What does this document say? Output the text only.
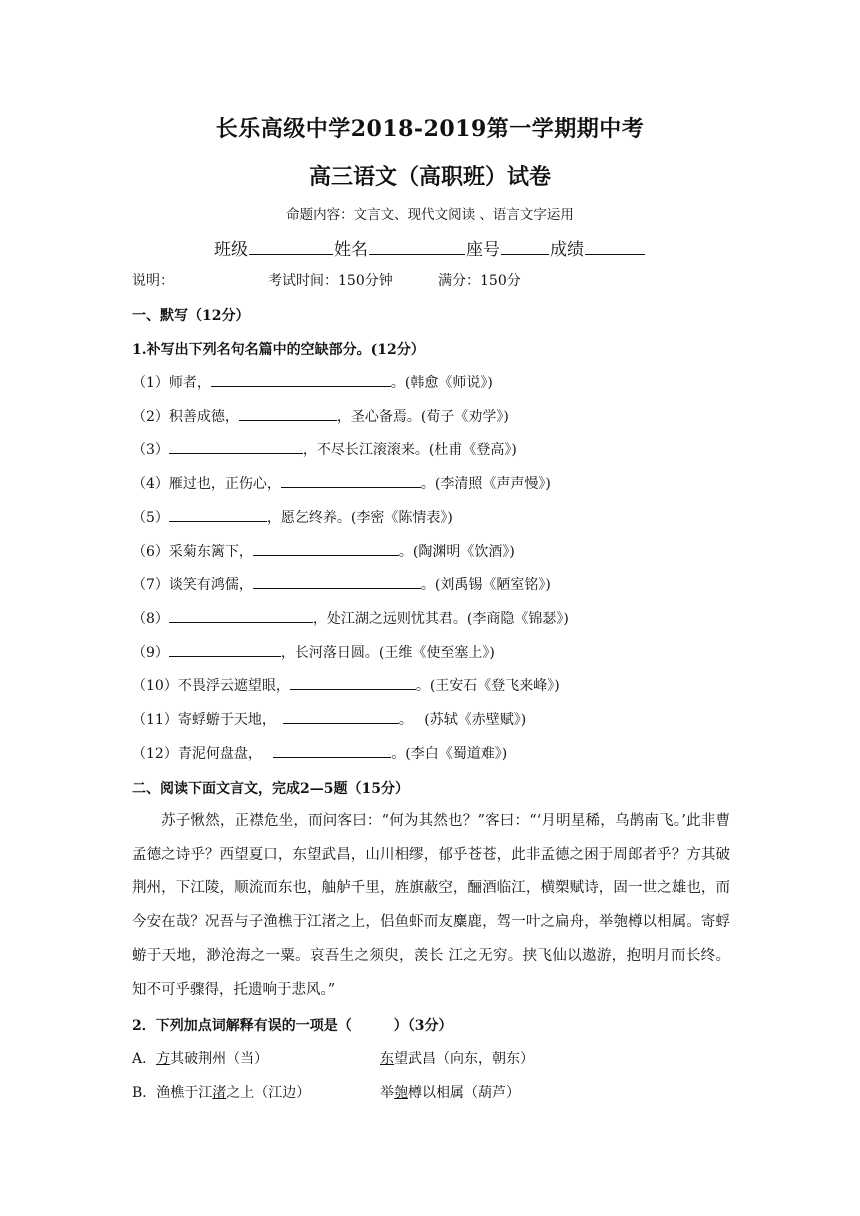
长乐高级中学2018-2019第一学期期中考
高三语文（高职班）试卷
命题内容：文言文、现代文阅读 、语言文字运用
班级	姓名	座号	成绩
说明：	考试时间：150分钟	满分：150分
一、默写（12分）
1.补写出下列名句名篇中的空缺部分。(12分）
（1）师者，	。(韩愈《师说》)
（2）积善成德，	，圣心备焉。(荀子《劝学》)
（3）	，不尽长江滚滚来。(杜甫《登高》)
（4）雁过也，正伤心，	。(李清照《声声慢》)
（5）	，愿乞终养。(李密《陈情表》)
（6）采菊东篱下，	。(陶渊明《饮酒》)
（7）谈笑有鸿儒，	。(刘禹锡《陋室铭》)
（8）	，处江湖之远则忧其君。(李商隐《锦瑟》)
（9）	，长河落日圆。(王维《使至塞上》)
（10）不畏浮云遮望眼，	。(王安石《登飞来峰》)
（11）寄蜉蝣于天地，　	。　 (苏轼《赤壁赋》)
（12）青泥何盘盘，　	。(李白《蜀道难》)
二、阅读下面文言文，完成2—5题（15分）

苏子愀然，正襟危坐，而问客曰：“何为其然也？”客曰：“‘月明星稀，乌鹊南飞。’此非曹孟德之诗乎？西望夏口，东望武昌，山川相缪，郁乎苍苍，此非孟德之困于周郎者乎？方其破荆州，下江陵，顺流而东也，舳舻千里，旌旗蔽空，酾酒临江，横槊赋诗，固一世之雄也，而今安在哉？况吾与子渔樵于江渚之上，侣鱼虾而友麋鹿，驾一叶之扁舟，举匏樽以相属。寄蜉蝣于天地，渺沧海之一粟。哀吾生之须臾，羡长 江之无穷。挟飞仙以遨游，抱明月而长终。知不可乎骤得，托遗响于悲风。”

2．下列加点词解释有误的一项是（　　　）（3分）
A．方其破荆州（当）	东望武昌（向东，朝东）
B．渔樵于江渚之上（江边）	举匏樽以相属（葫芦）
